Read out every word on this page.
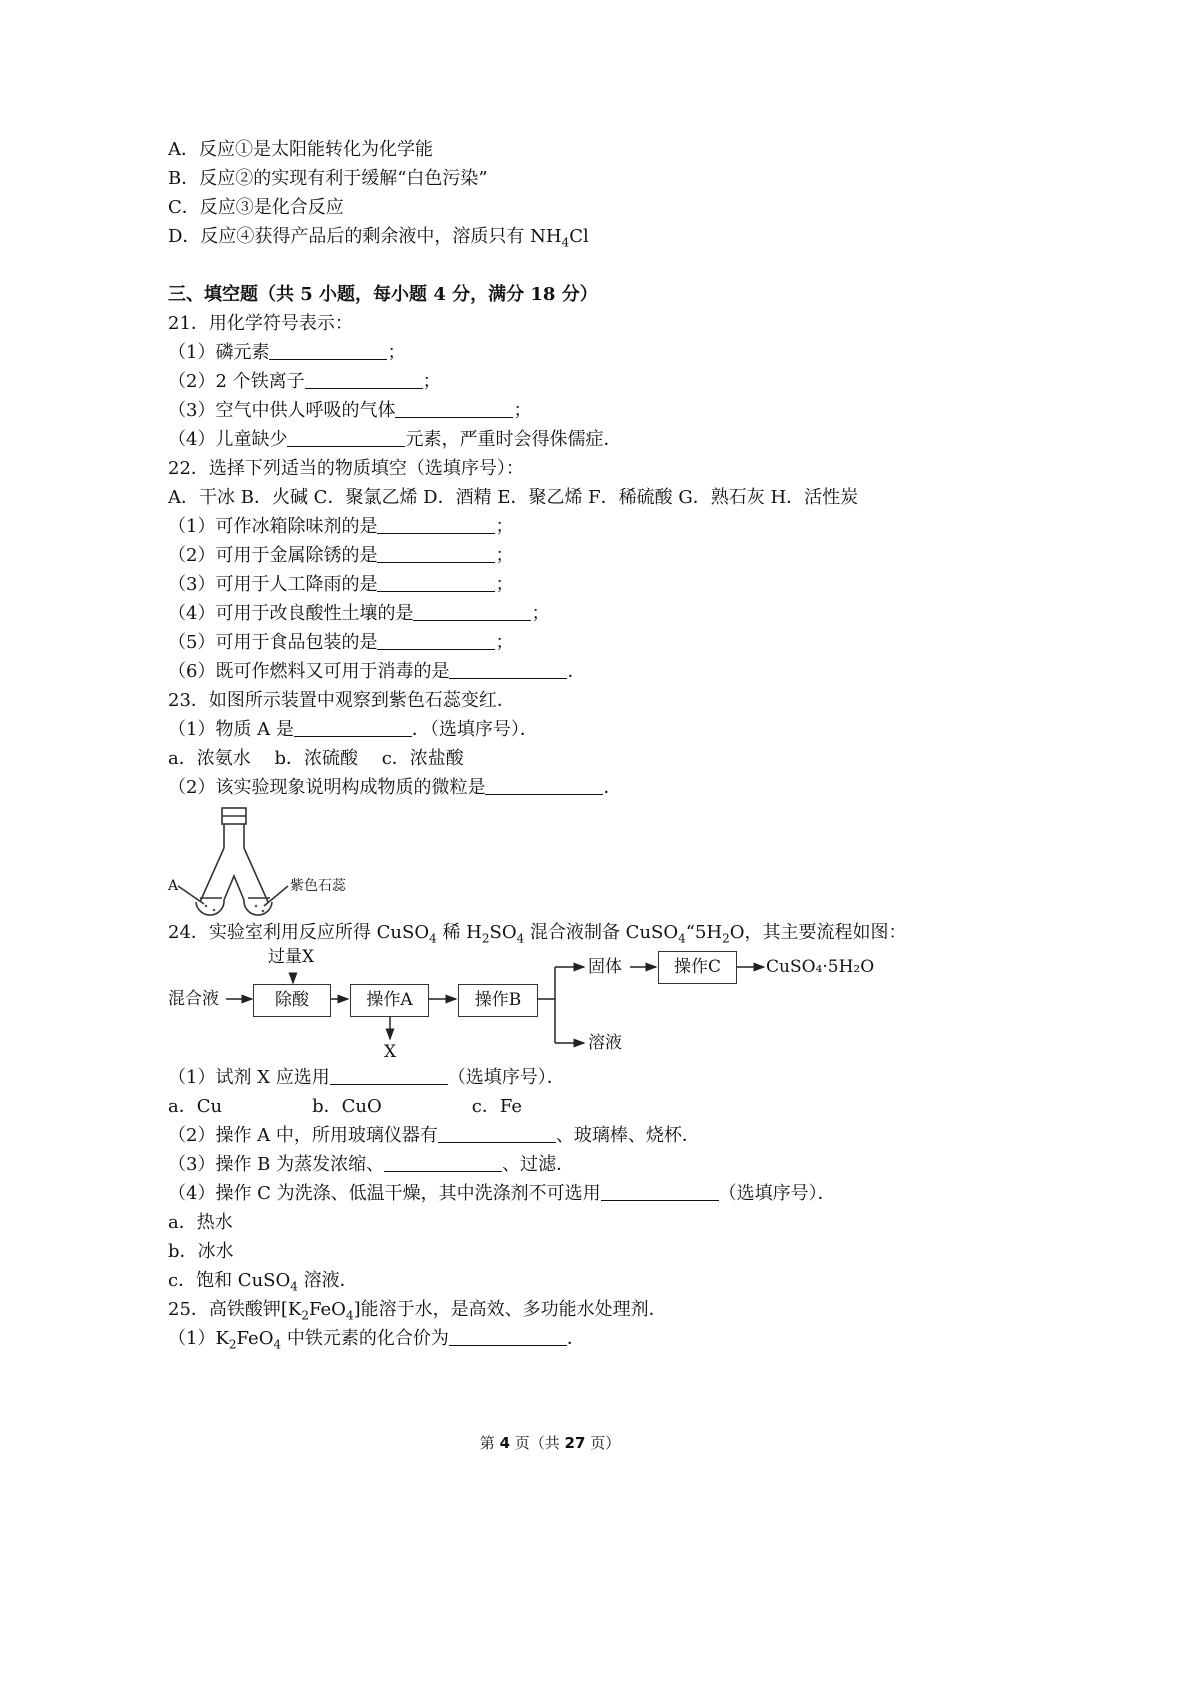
A．反应①是太阳能转化为化学能
B．反应②的实现有利于缓解“白色污染”
C．反应③是化合反应
D．反应④获得产品后的剩余液中，溶质只有 $NH_4Cl$
三、填空题（共 5 小题，每小题 4 分，满分 18 分）
21．用化学符号表示：
（1）磷元素	；
（2）2 个铁离子	；
（3）空气中供人呼吸的气体	；
（4）儿童缺少	元素，严重时会得侏儒症．
22．选择下列适当的物质填空（选填序号）：
A．干冰 B．火碱 C．聚氯乙烯 D．酒精 E．聚乙烯 F．稀硫酸 G．熟石灰 H．活性炭
（1）可作冰箱除味剂的是	；
（2）可用于金属除锈的是	；
（3）可用于人工降雨的是	；
（4）可用于改良酸性土壤的是	；
（5）可用于食品包装的是	；
（6）既可作燃料又可用于消毒的是	．
23．如图所示装置中观察到紫色石蕊变红．
（1）物质 A 是	．（选填序号）．
a．浓氨水　 b．浓硫酸　 c．浓盐酸
（2）该实验现象说明构成物质的微粒是	．
A	紫色石蕊
24．实验室利用反应所得 CuSO$_4$ 稀 $H_2SO_4$ 混合液制备 $CuSO_4“5H_2O$，其主要流程如图：
混合液
过量X
除酸	操作A
X
操作B
固体
溶液
操作C	CuSO₄·5H₂O
（1）试剂 X 应选用	（选填序号）．
a．Cu　　　　　b．CuO　　　　　c．Fe
（2）操作 A 中，所用玻璃仪器有	、玻璃棒、烧杯．
（3）操作 B 为蒸发浓缩、	、过滤．
（4）操作 C 为洗涤、低温干燥，其中洗涤剂不可选用	（选填序号）．
a．热水
b．冰水
c．饱和 CuSO$_4$ 溶液．
25．高铁酸钾$[K_2FeO_4]$能溶于水，是高效、多功能水处理剂．
$(1)K_2FeO_4$ 中铁元素的化合价为	．
第 4 页（共 27 页）
